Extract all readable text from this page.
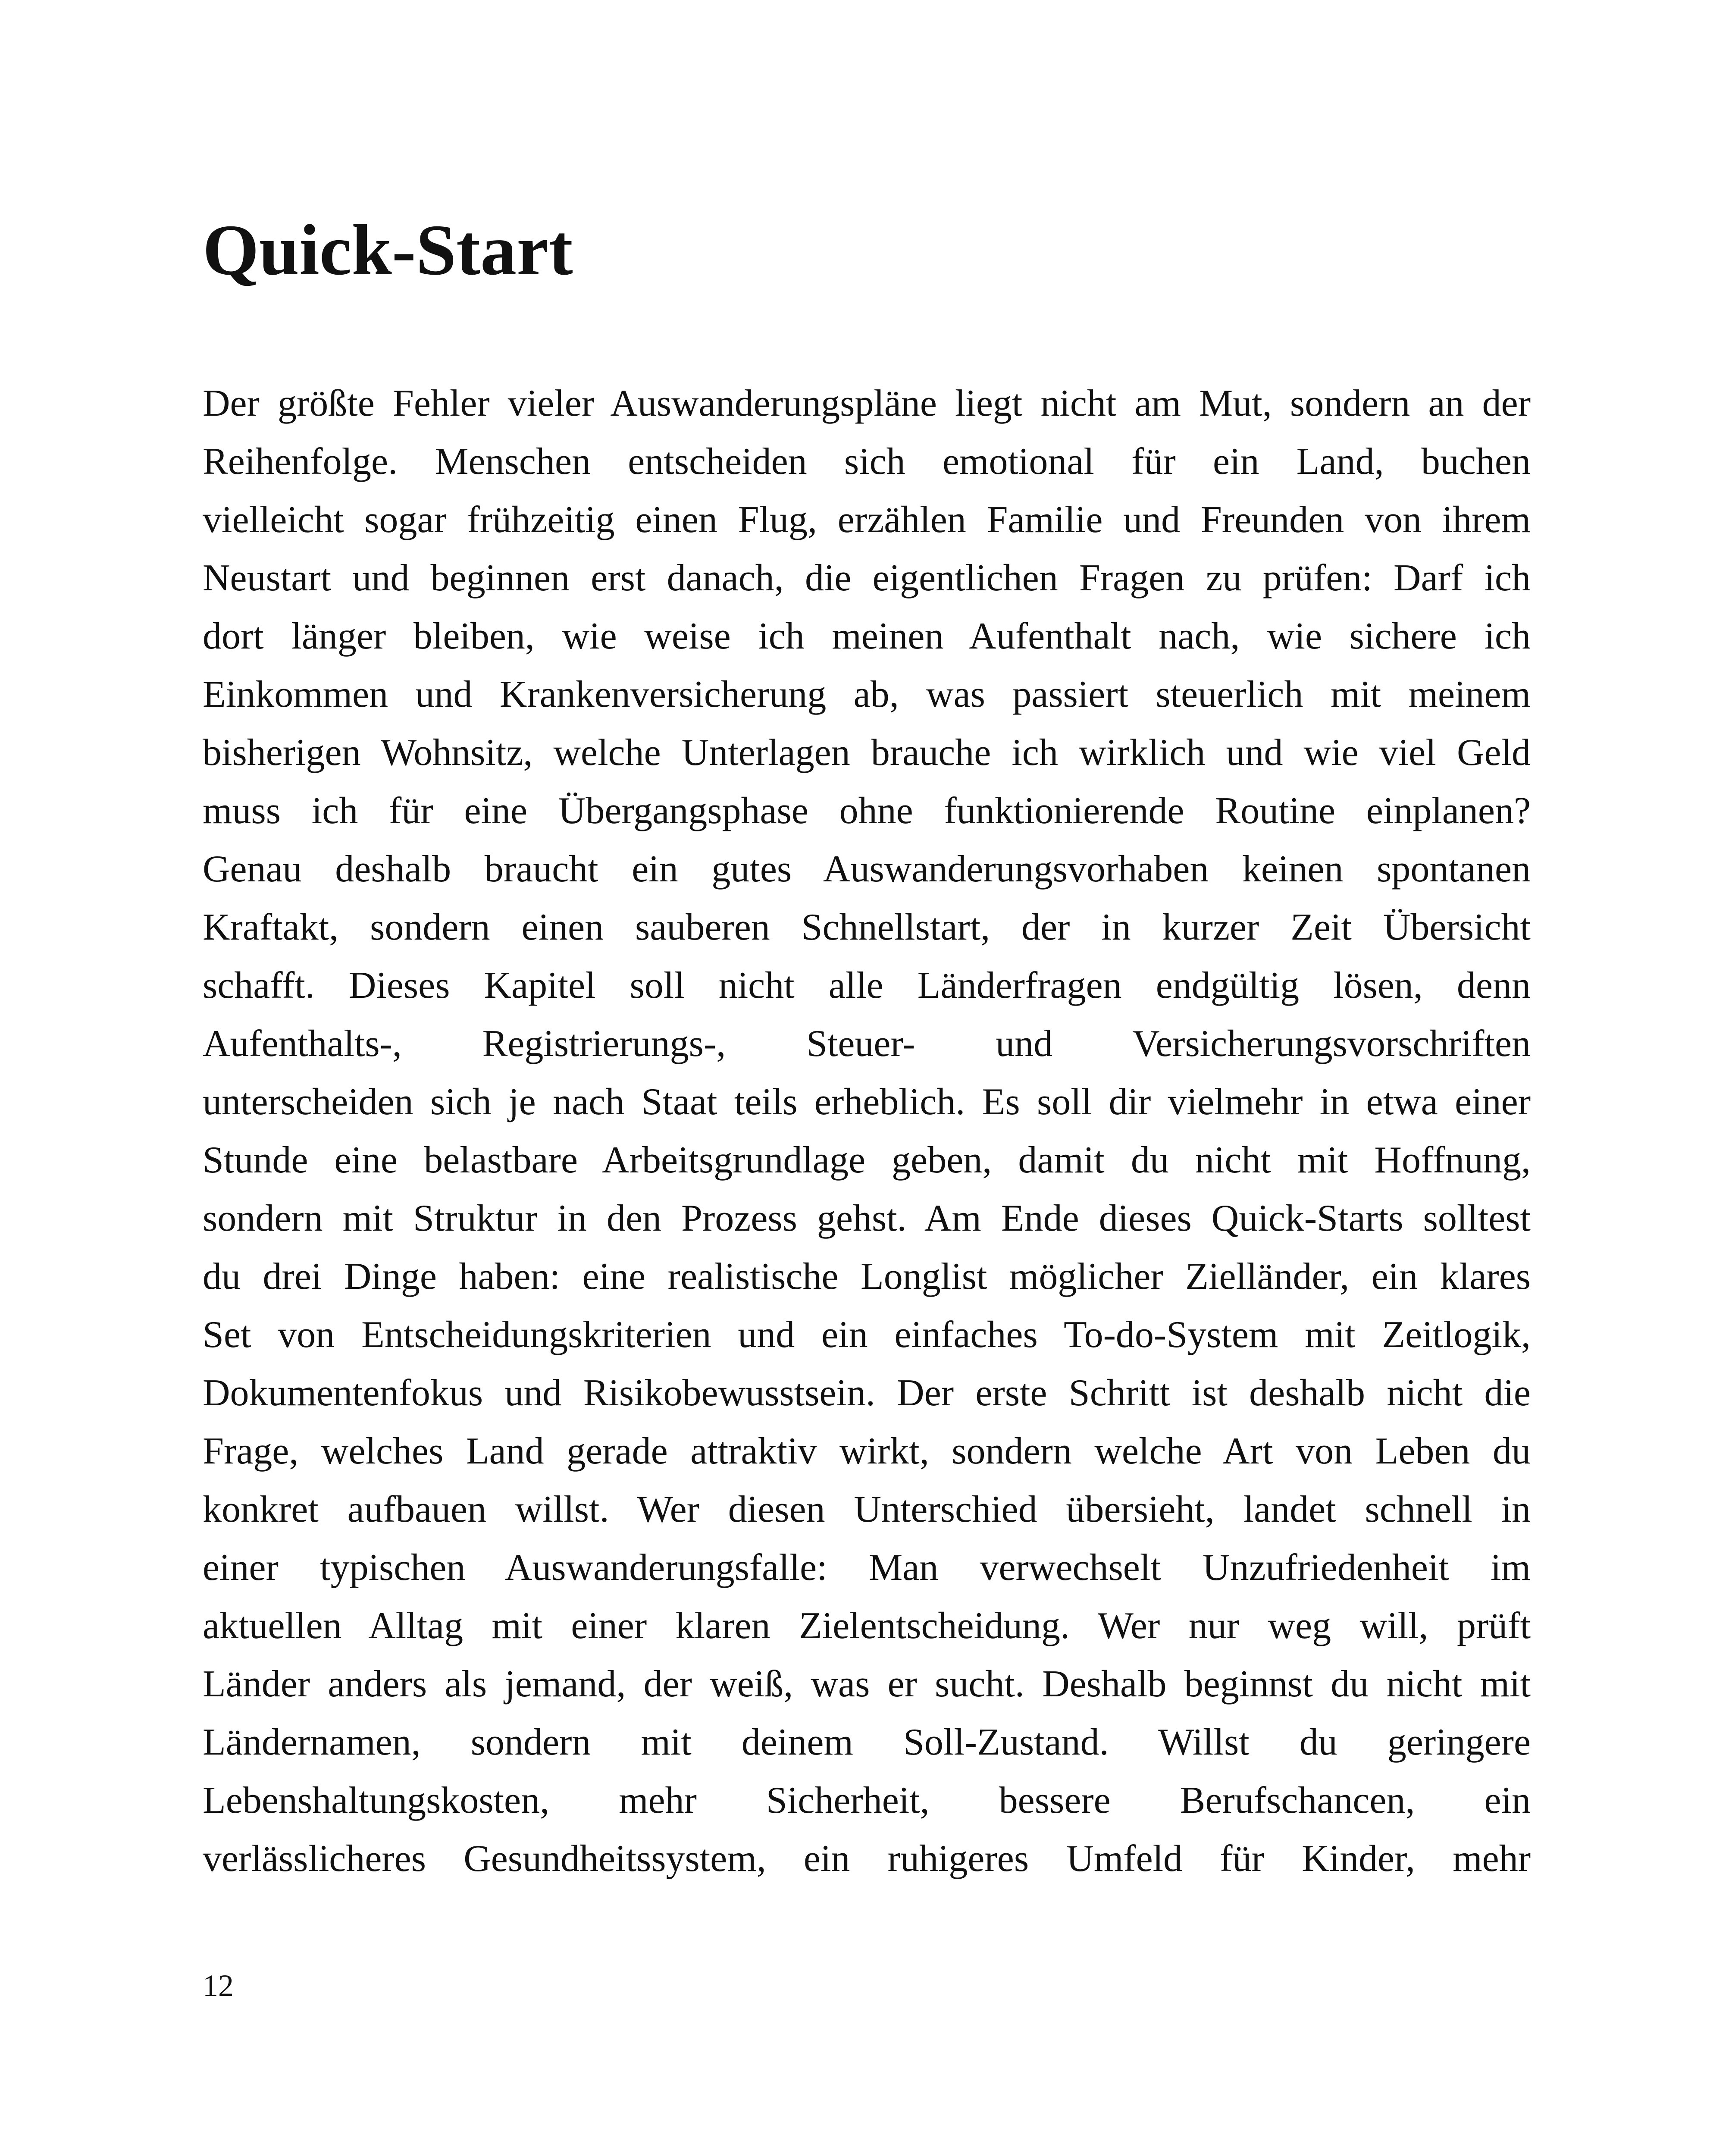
Quick-Start
Der größte Fehler vieler Auswanderungspläne liegt nicht am Mut, sondern an der
Reihenfolge. Menschen entscheiden sich emotional für ein Land, buchen
vielleicht sogar frühzeitig einen Flug, erzählen Familie und Freunden von ihrem
Neustart und beginnen erst danach, die eigentlichen Fragen zu prüfen: Darf ich
dort länger bleiben, wie weise ich meinen Aufenthalt nach, wie sichere ich
Einkommen und Krankenversicherung ab, was passiert steuerlich mit meinem
bisherigen Wohnsitz, welche Unterlagen brauche ich wirklich und wie viel Geld
muss ich für eine Übergangsphase ohne funktionierende Routine einplanen?
Genau deshalb braucht ein gutes Auswanderungsvorhaben keinen spontanen
Kraftakt, sondern einen sauberen Schnellstart, der in kurzer Zeit Übersicht
schafft. Dieses Kapitel soll nicht alle Länderfragen endgültig lösen, denn
Aufenthalts-, Registrierungs-, Steuer- und Versicherungsvorschriften
unterscheiden sich je nach Staat teils erheblich. Es soll dir vielmehr in etwa einer
Stunde eine belastbare Arbeitsgrundlage geben, damit du nicht mit Hoffnung,
sondern mit Struktur in den Prozess gehst. Am Ende dieses Quick-Starts solltest
du drei Dinge haben: eine realistische Longlist möglicher Zielländer, ein klares
Set von Entscheidungskriterien und ein einfaches To-do-System mit Zeitlogik,
Dokumentenfokus und Risikobewusstsein. Der erste Schritt ist deshalb nicht die
Frage, welches Land gerade attraktiv wirkt, sondern welche Art von Leben du
konkret aufbauen willst. Wer diesen Unterschied übersieht, landet schnell in
einer typischen Auswanderungsfalle: Man verwechselt Unzufriedenheit im
aktuellen Alltag mit einer klaren Zielentscheidung. Wer nur weg will, prüft
Länder anders als jemand, der weiß, was er sucht. Deshalb beginnst du nicht mit
Ländernamen, sondern mit deinem Soll-Zustand. Willst du geringere
Lebenshaltungskosten, mehr Sicherheit, bessere Berufschancen, ein
verlässlicheres Gesundheitssystem, ein ruhigeres Umfeld für Kinder, mehr
12
